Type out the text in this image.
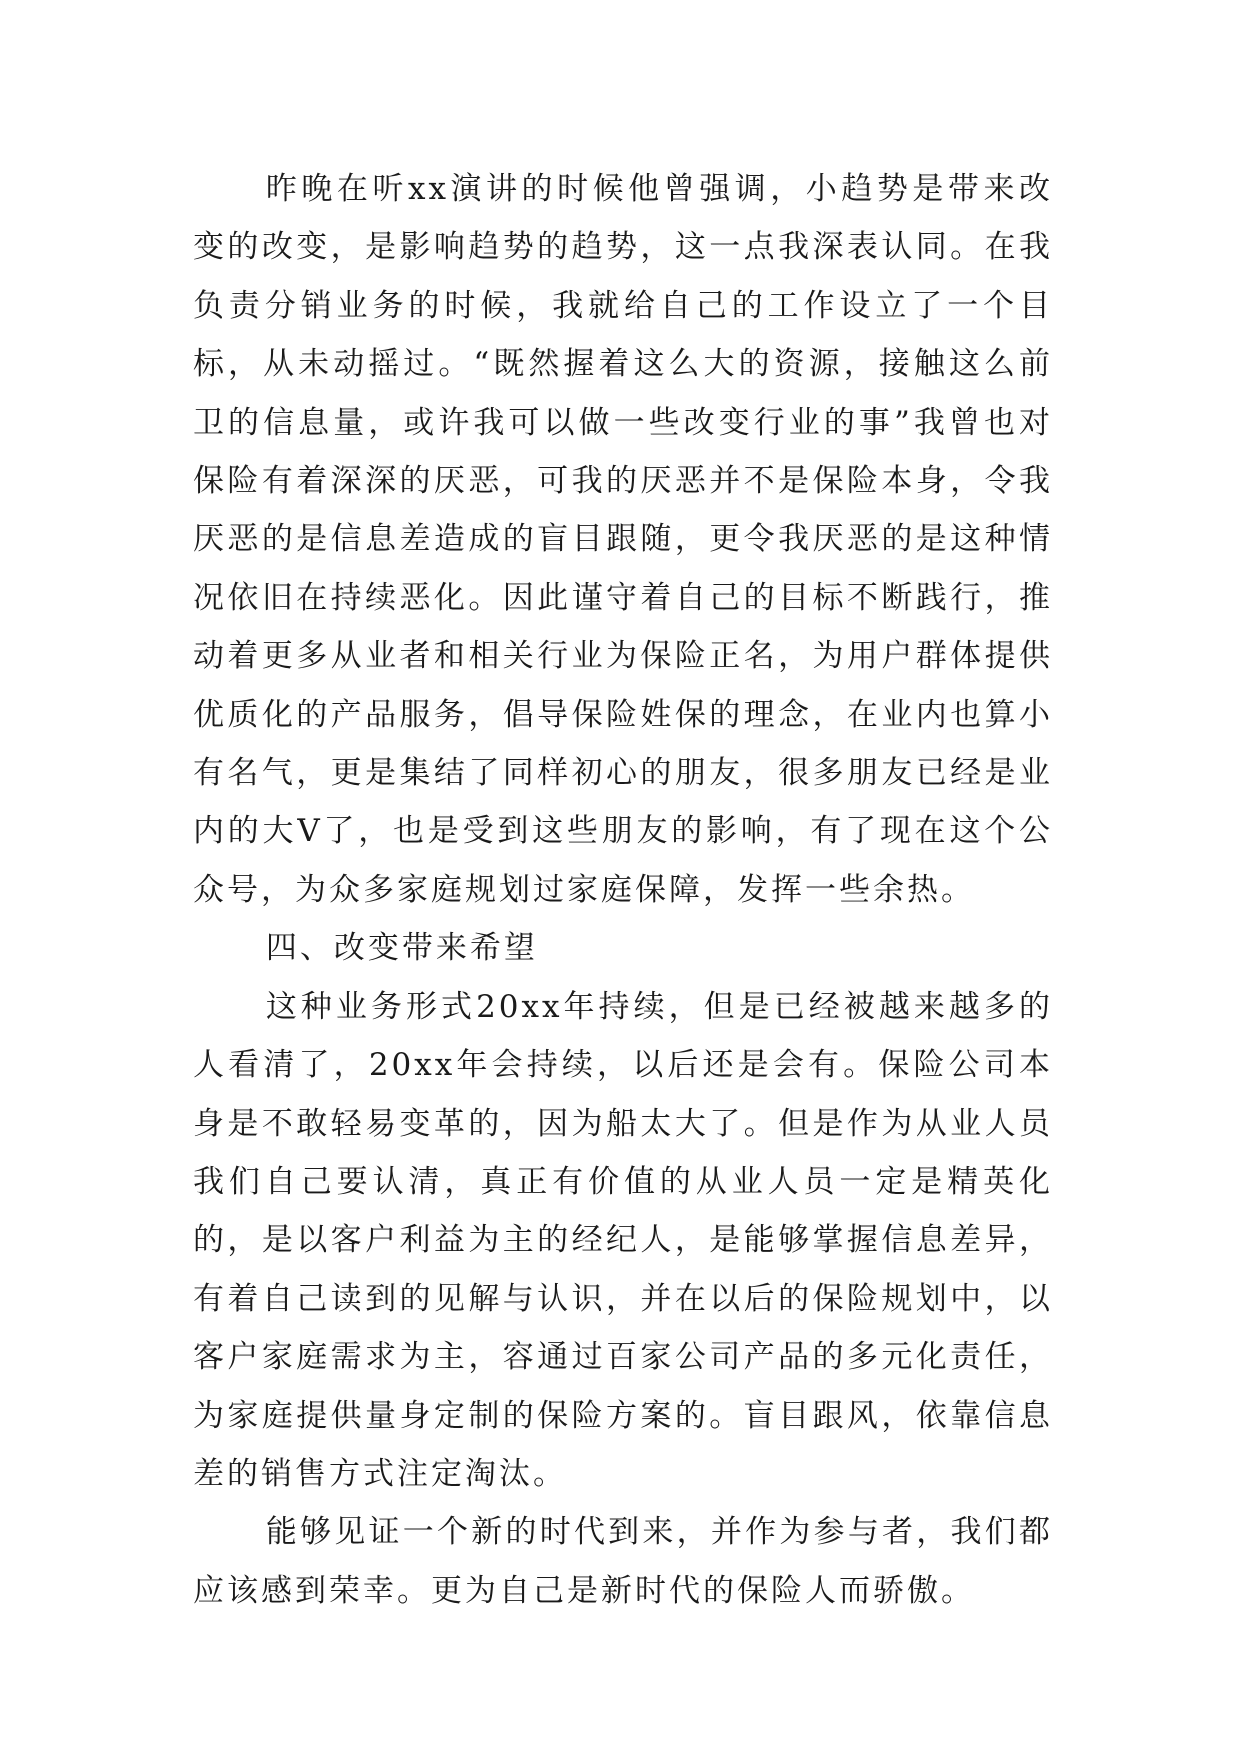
昨晚在听xx演讲的时候他曾强调，小趋势是带来改变的改变，是影响趋势的趋势，这一点我深表认同。在我负责分销业务的时候，我就给自己的工作设立了一个目标，从未动摇过。“既然握着这么大的资源，接触这么前卫的信息量，或许我可以做一些改变行业的事”我曾也对保险有着深深的厌恶，可我的厌恶并不是保险本身，令我厌恶的是信息差造成的盲目跟随，更令我厌恶的是这种情况依旧在持续恶化。因此谨守着自己的目标不断践行，推动着更多从业者和相关行业为保险正名，为用户群体提供优质化的产品服务，倡导保险姓保的理念，在业内也算小有名气，更是集结了同样初心的朋友，很多朋友已经是业内的大V了，也是受到这些朋友的影响，有了现在这个公众号，为众多家庭规划过家庭保障，发挥一些余热。

四、改变带来希望

这种业务形式20xx年持续，但是已经被越来越多的人看清了，20xx年会持续，以后还是会有。保险公司本身是不敢轻易变革的，因为船太大了。但是作为从业人员我们自己要认清，真正有价值的从业人员一定是精英化的，是以客户利益为主的经纪人，是能够掌握信息差异，有着自己读到的见解与认识，并在以后的保险规划中，以客户家庭需求为主，容通过百家公司产品的多元化责任，为家庭提供量身定制的保险方案的。盲目跟风，依靠信息差的销售方式注定淘汰。

能够见证一个新的时代到来，并作为参与者，我们都应该感到荣幸。更为自己是新时代的保险人而骄傲。
